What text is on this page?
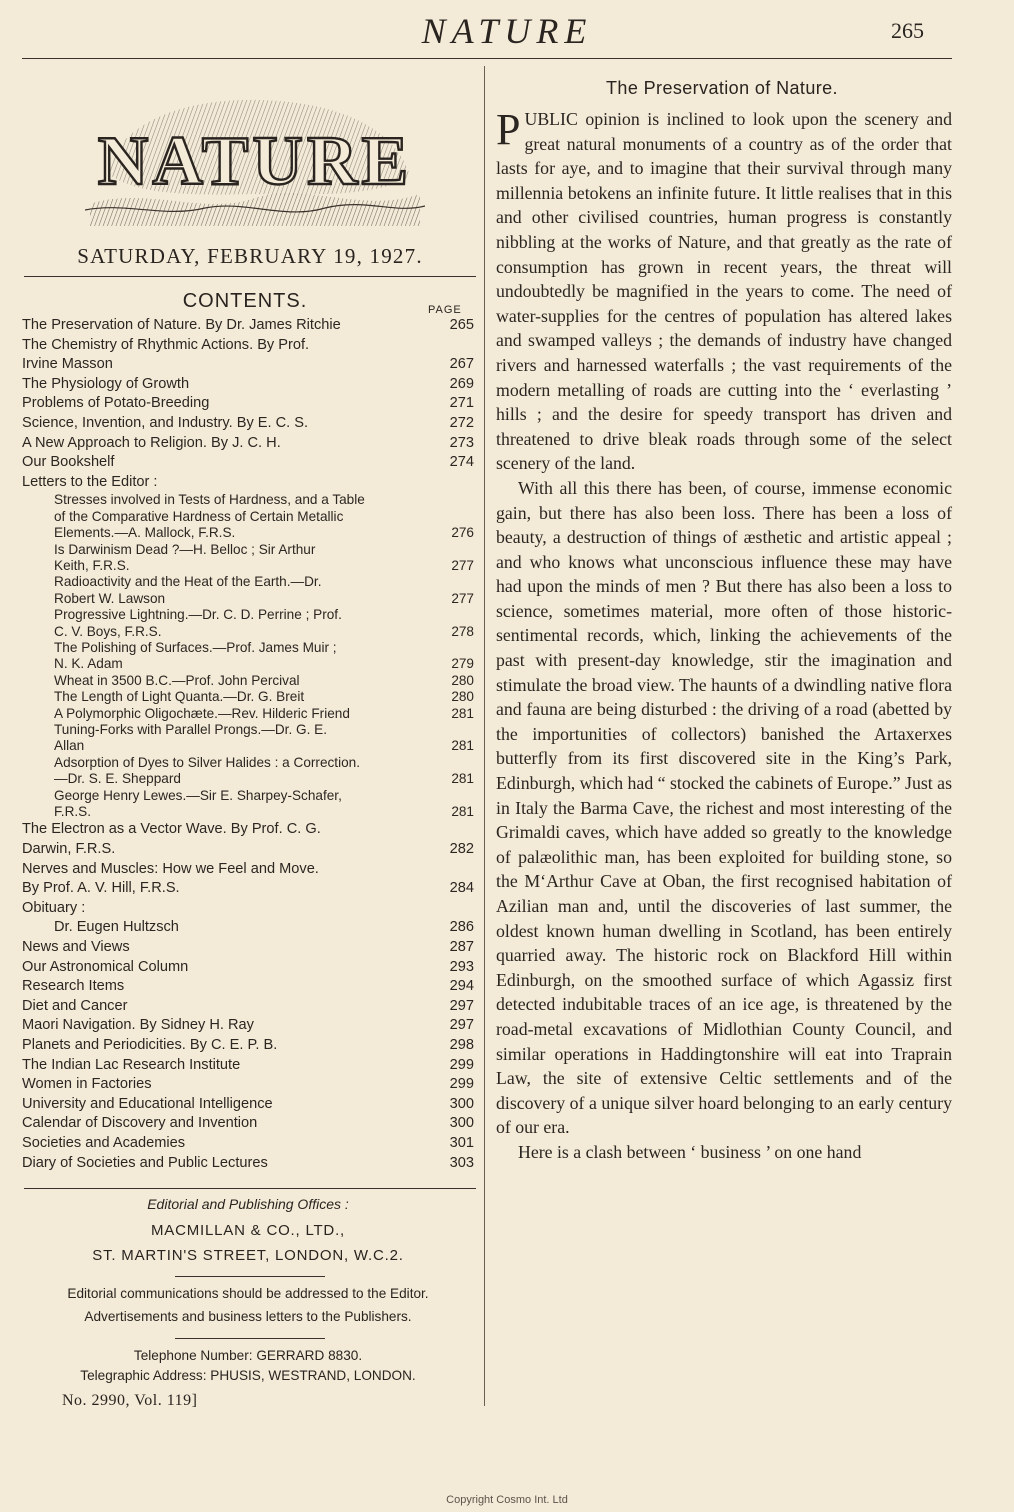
NATURE	265
NATURE
SATURDAY, FEBRUARY 19, 1927.
CONTENTS.	PAGE
The Preservation of Nature. By Dr. James Ritchie	265
The Chemistry of Rhythmic Actions. By Prof.
Irvine Masson	267
The Physiology of Growth	269
Problems of Potato-Breeding	271
Science, Invention, and Industry. By E. C. S.	272
A New Approach to Religion. By J. C. H.	273
Our Bookshelf	274
Letters to the Editor :
Stresses involved in Tests of Hardness, and a Table
of the Comparative Hardness of Certain Metallic
Elements.—A. Mallock, F.R.S.	276
Is Darwinism Dead ?—H. Belloc ; Sir Arthur
Keith, F.R.S.	277
Radioactivity and the Heat of the Earth.—Dr.
Robert W. Lawson	277
Progressive Lightning.—Dr. C. D. Perrine ; Prof.
C. V. Boys, F.R.S.	278
The Polishing of Surfaces.—Prof. James Muir ;
N. K. Adam	279
Wheat in 3500 B.C.—Prof. John Percival	280
The Length of Light Quanta.—Dr. G. Breit	280
A Polymorphic Oligochæte.—Rev. Hilderic Friend	281
Tuning-Forks with Parallel Prongs.—Dr. G. E.
Allan	281
Adsorption of Dyes to Silver Halides : a Correction.
—Dr. S. E. Sheppard	281
George Henry Lewes.—Sir E. Sharpey-Schafer,
F.R.S.	281
The Electron as a Vector Wave. By Prof. C. G.
Darwin, F.R.S.	282
Nerves and Muscles: How we Feel and Move.
By Prof. A. V. Hill, F.R.S.	284
Obituary :
Dr. Eugen Hultzsch	286
News and Views	287
Our Astronomical Column	293
Research Items	294
Diet and Cancer	297
Maori Navigation. By Sidney H. Ray	297
Planets and Periodicities. By C. E. P. B.	298
The Indian Lac Research Institute	299
Women in Factories	299
University and Educational Intelligence	300
Calendar of Discovery and Invention	300
Societies and Academies	301
Diary of Societies and Public Lectures	303
Editorial and Publishing Offices :
MACMILLAN & CO., LTD.,
ST. MARTIN'S STREET, LONDON, W.C.2.
Editorial communications should be addressed to the Editor.
Advertisements and business letters to the Publishers.
Telephone Number: GERRARD 8830.
Telegraphic Address: PHUSIS, WESTRAND, LONDON.
No. 2990, Vol. 119]
The Preservation of Nature.

PUBLIC opinion is inclined to look upon the scenery and great natural monuments of a country as of the order that lasts for aye, and to imagine that their survival through many millennia betokens an infinite future. It little realises that in this and other civilised countries, human progress is constantly nibbling at the works of Nature, and that greatly as the rate of consumption has grown in recent years, the threat will undoubtedly be magnified in the years to come. The need of water-supplies for the centres of population has altered lakes and swamped valleys ; the demands of industry have changed rivers and harnessed waterfalls ; the vast requirements of the modern metalling of roads are cutting into the ‘ everlasting ’ hills ; and the desire for speedy transport has driven and threatened to drive bleak roads through some of the select scenery of the land.

With all this there has been, of course, immense economic gain, but there has also been loss. There has been a loss of beauty, a destruction of things of æsthetic and artistic appeal ; and who knows what unconscious influence these may have had upon the minds of men ? But there has also been a loss to science, sometimes material, more often of those historic-sentimental records, which, linking the achievements of the past with present-day knowledge, stir the imagination and stimulate the broad view. The haunts of a dwindling native flora and fauna are being disturbed : the driving of a road (abetted by the importunities of collectors) banished the Artaxerxes butterfly from its first discovered site in the King’s Park, Edinburgh, which had “ stocked the cabinets of Europe.” Just as in Italy the Barma Cave, the richest and most interesting of the Grimaldi caves, which have added so greatly to the knowledge of palæolithic man, has been exploited for building stone, so the M‘Arthur Cave at Oban, the first recognised habitation of Azilian man and, until the discoveries of last summer, the oldest known human dwelling in Scotland, has been entirely quarried away. The historic rock on Blackford Hill within Edinburgh, on the smoothed surface of which Agassiz first detected indubitable traces of an ice age, is threatened by the road-metal excavations of Midlothian County Council, and similar operations in Haddingtonshire will eat into Traprain Law, the site of extensive Celtic settlements and of the discovery of a unique silver hoard belonging to an early century of our era.

Here is a clash between ‘ business ’ on one hand

Copyright Cosmo Int. Ltd
